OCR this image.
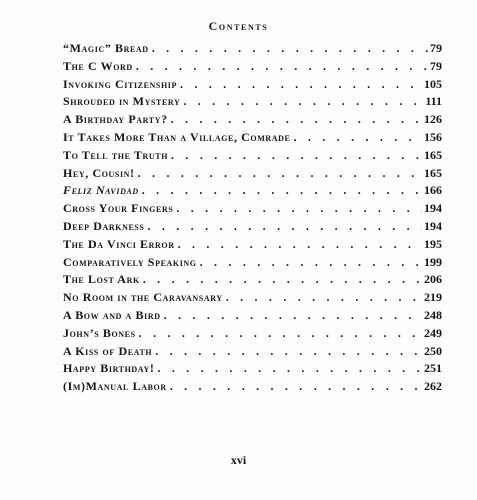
Contents
“Magic” Bread . . .	79
The C Word . . .	79
Invoking Citizenship . . .	105
Shrouded in Mystery . . .	111
A Birthday Party? . . .	126
It Takes More Than a Village, Comrade . . .	156
To Tell the Truth . . .	165
Hey, Cousin! . . .	165
Feliz Navidad . . .	166
Cross Your Fingers . . .	194
Deep Darkness . . .	194
The Da Vinci Error . . .	195
Comparatively Speaking . . .	199
The Lost Ark . . .	206
No Room in the Caravansary . . .	219
A Bow and a Bird . . .	248
John’s Bones . . .	249
A Kiss of Death . . .	250
Happy Birthday! . . .	251
(Im)Manual Labor . . .	262
xvi
